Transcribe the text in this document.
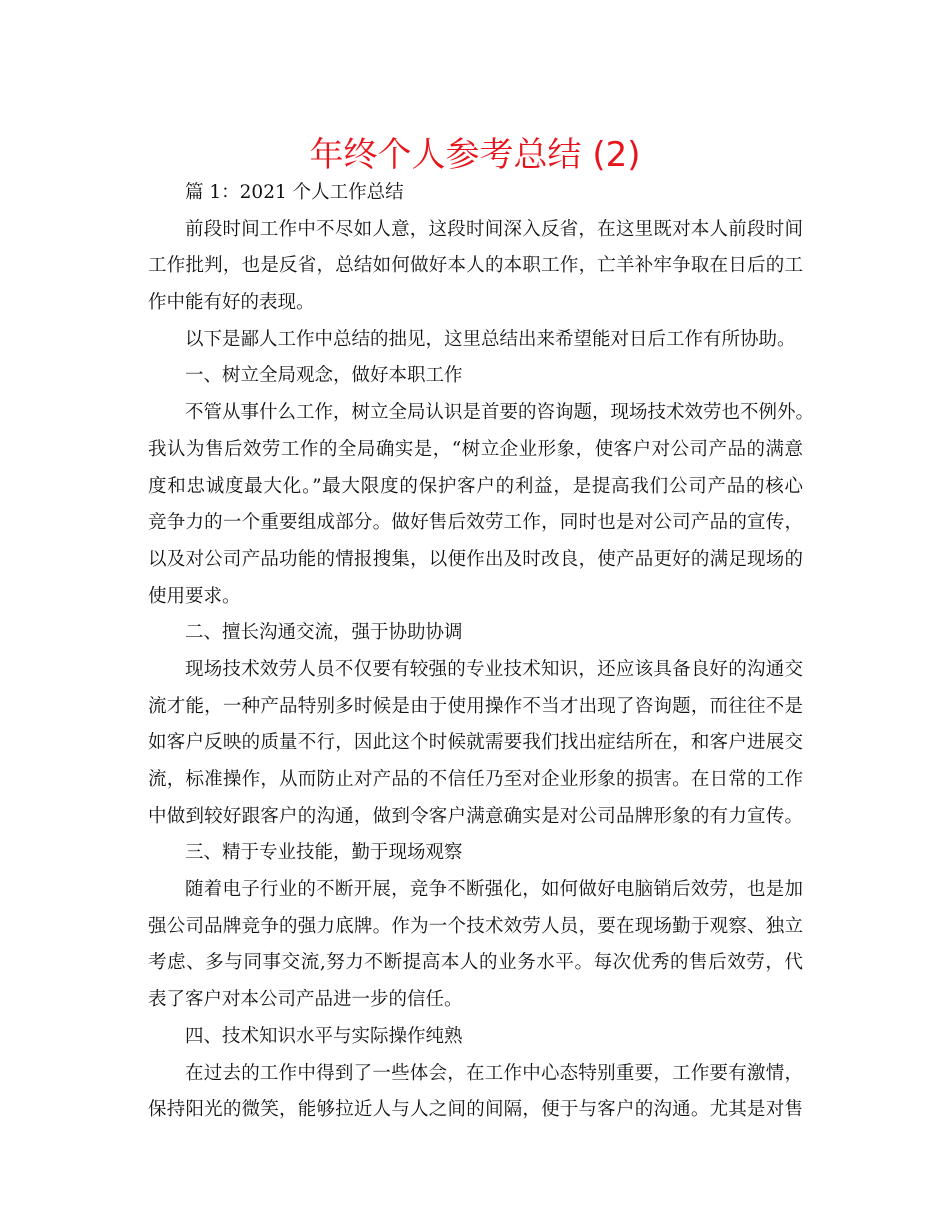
年终个人参考总结 (2)
篇 1：2021 个人工作总结
前段时间工作中不尽如人意，这段时间深入反省，在这里既对本人前段时间
工作批判，也是反省，总结如何做好本人的本职工作，亡羊补牢争取在日后的工
作中能有好的表现。
以下是鄙人工作中总结的拙见，这里总结出来希望能对日后工作有所协助。
一、树立全局观念，做好本职工作
不管从事什么工作，树立全局认识是首要的咨询题，现场技术效劳也不例外。
我认为售后效劳工作的全局确实是，“树立企业形象，使客户对公司产品的满意
度和忠诚度最大化。”最大限度的保护客户的利益，是提高我们公司产品的核心
竞争力的一个重要组成部分。做好售后效劳工作，同时也是对公司产品的宣传，
以及对公司产品功能的情报搜集，以便作出及时改良，使产品更好的满足现场的
使用要求。
二、擅长沟通交流，强于协助协调
现场技术效劳人员不仅要有较强的专业技术知识，还应该具备良好的沟通交
流才能，一种产品特别多时候是由于使用操作不当才出现了咨询题，而往往不是
如客户反映的质量不行，因此这个时候就需要我们找出症结所在，和客户进展交
流，标准操作，从而防止对产品的不信任乃至对企业形象的损害。在日常的工作
中做到较好跟客户的沟通，做到令客户满意确实是对公司品牌形象的有力宣传。
三、精于专业技能，勤于现场观察
随着电子行业的不断开展，竞争不断强化，如何做好电脑销后效劳，也是加
强公司品牌竞争的强力底牌。作为一个技术效劳人员，要在现场勤于观察、独立
考虑、多与同事交流,努力不断提高本人的业务水平。每次优秀的售后效劳，代
表了客户对本公司产品进一步的信任。
四、技术知识水平与实际操作纯熟
在过去的工作中得到了一些体会，在工作中心态特别重要，工作要有激情，
保持阳光的微笑，能够拉近人与人之间的间隔，便于与客户的沟通。尤其是对售
